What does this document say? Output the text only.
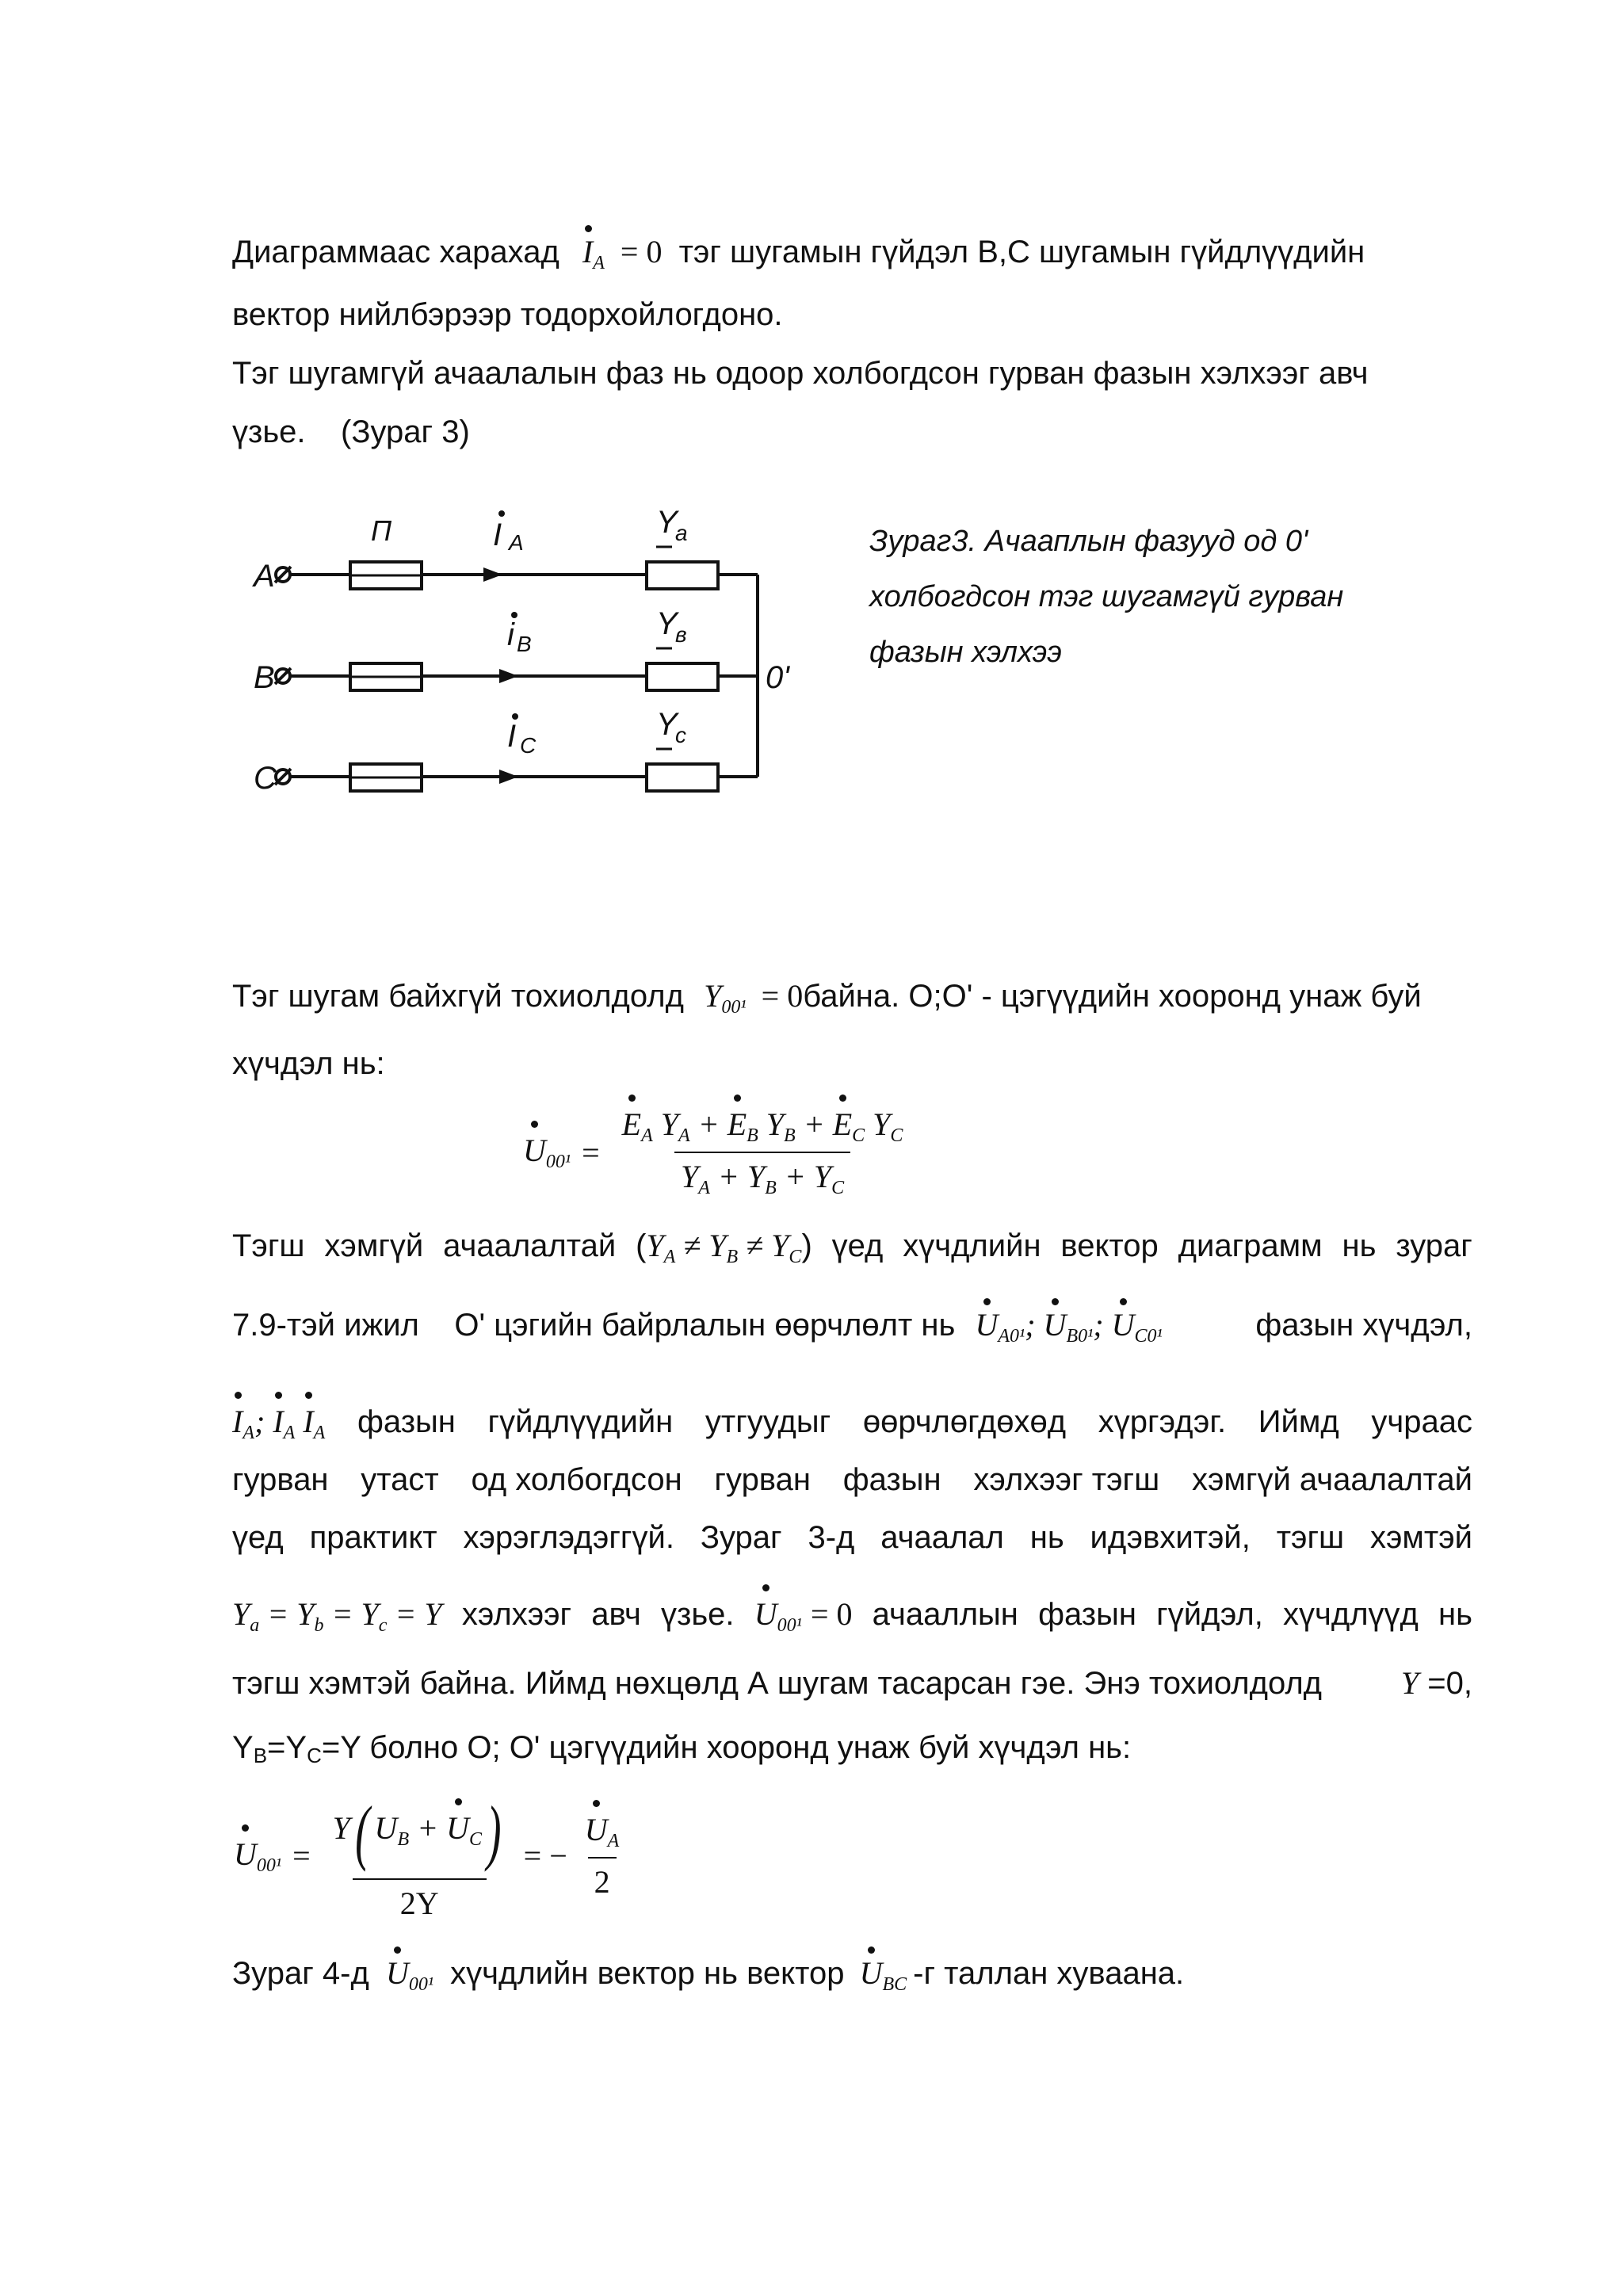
Диаграммаас харахад $I_A = 0$ тэг шугамын гүйдэл В,С шугамын гүйдлүүдийн
вектор нийлбэрээр тодорхойлогдоно.
Тэг шугамгүй ачаалалын фаз нь одоор холбогдсон гурван фазын хэлхээг авч
үзье.    (Зураг 3)
A
B
C
П	I A
i B
I C
Y
a
Y
в
Y
c
0'
Зураг3. Ачааплын фазууд од 0'
холбогдсон тэг шугамгүй гурван
фазын хэлхээ
Тэг шугам байхгүй тохиолдолд $Y_{00^1}$ = 0байна. О;О' - цэгүүдийн хооронд унаж буй
хүчдэл нь:
$U_{00^1}$ =
$E_A$ $Y_A + E_B$ $Y_B + E_C$ $Y_C$
$Y_A + Y_B + Y_C$
Тэгш хэмгүй ачаалалтай $(Y_A \ne Y_B \ne Y_C)$ үед хүчдлийн вектор диаграмм нь зураг
7.9-тэй ижил    О' цэгийн байрлалын өөрчлөлт нь $U_{A0^1}$; $U_{B0^1}$; $U_{C0^1}$	фазын хүчдэл,
$I_A$; $I_A$ $I_A$ фазын гүйдлүүдийн утгуудыг өөрчлөгдөхөд хүргэдэг. Иймд учраас
гурван утаст од холбогдсон гурван фазын хэлхээг тэгш хэмгүй ачаалалтай
үед практикт хэрэглэдэггүй. Зураг 3-д ачаалал нь идэвхитэй, тэгш хэмтэй
$Y_a = Y_b = Y_c = Y$ хэлхээг авч үзье. $U_{00^1} = 0$ ачааллын фазын гүйдэл, хүчдлүүд нь
тэгш хэмтэй байна. Иймд нөхцөлд А шугам тасарсан гэе. Энэ тохиолдолд Y =0,
YB=YC=Y болно О; О' цэгүүдийн хооронд унаж буй хүчдэл нь:
$U_{00^1} = \frac{Y( U_B + U_C)}{2Y}$ = − $\frac{U_A}{2}$
Зураг 4-д $U_{00^1}$ хүчдлийн вектор нь вектор $U_{BC}$ -г таллан хуваана.
